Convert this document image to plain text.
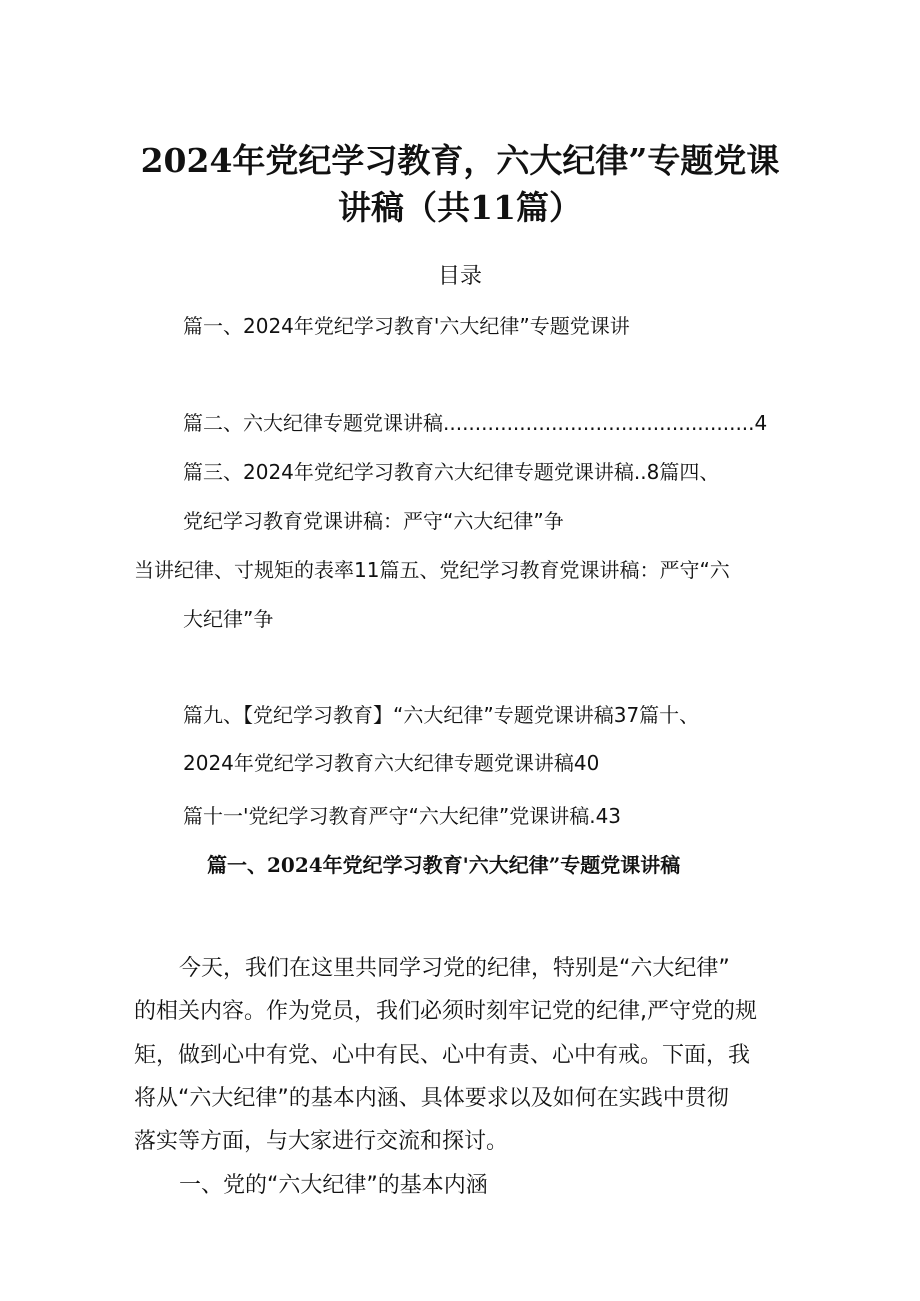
2024年党纪学习教育，六大纪律”专题党课
讲稿（共11篇）
目录
篇一、2024年党纪学习教育'六大纪律”专题党课讲
篇二、六大纪律专题党课讲稿.................................................4
篇三、2024年党纪学习教育六大纪律专题党课讲稿..8篇四、
党纪学习教育党课讲稿：严守“六大纪律”争
当讲纪律、寸规矩的表率11篇五、党纪学习教育党课讲稿：严守“六
大纪律”争
篇九、【党纪学习教育】“六大纪律”专题党课讲稿37篇十、
2024年党纪学习教育六大纪律专题党课讲稿40
篇十一'党纪学习教育严守“六大纪律”党课讲稿.43
篇一、2024年党纪学习教育'六大纪律”专题党课讲稿
今天，我们在这里共同学习党的纪律，特别是“六大纪律”
的相关内容。作为党员，我们必须时刻牢记党的纪律,严守党的规
矩，做到心中有党、心中有民、心中有责、心中有戒。下面，我
将从“六大纪律”的基本内涵、具体要求以及如何在实践中贯彻
落实等方面，与大家进行交流和探讨。
一、党的“六大纪律”的基本内涵
